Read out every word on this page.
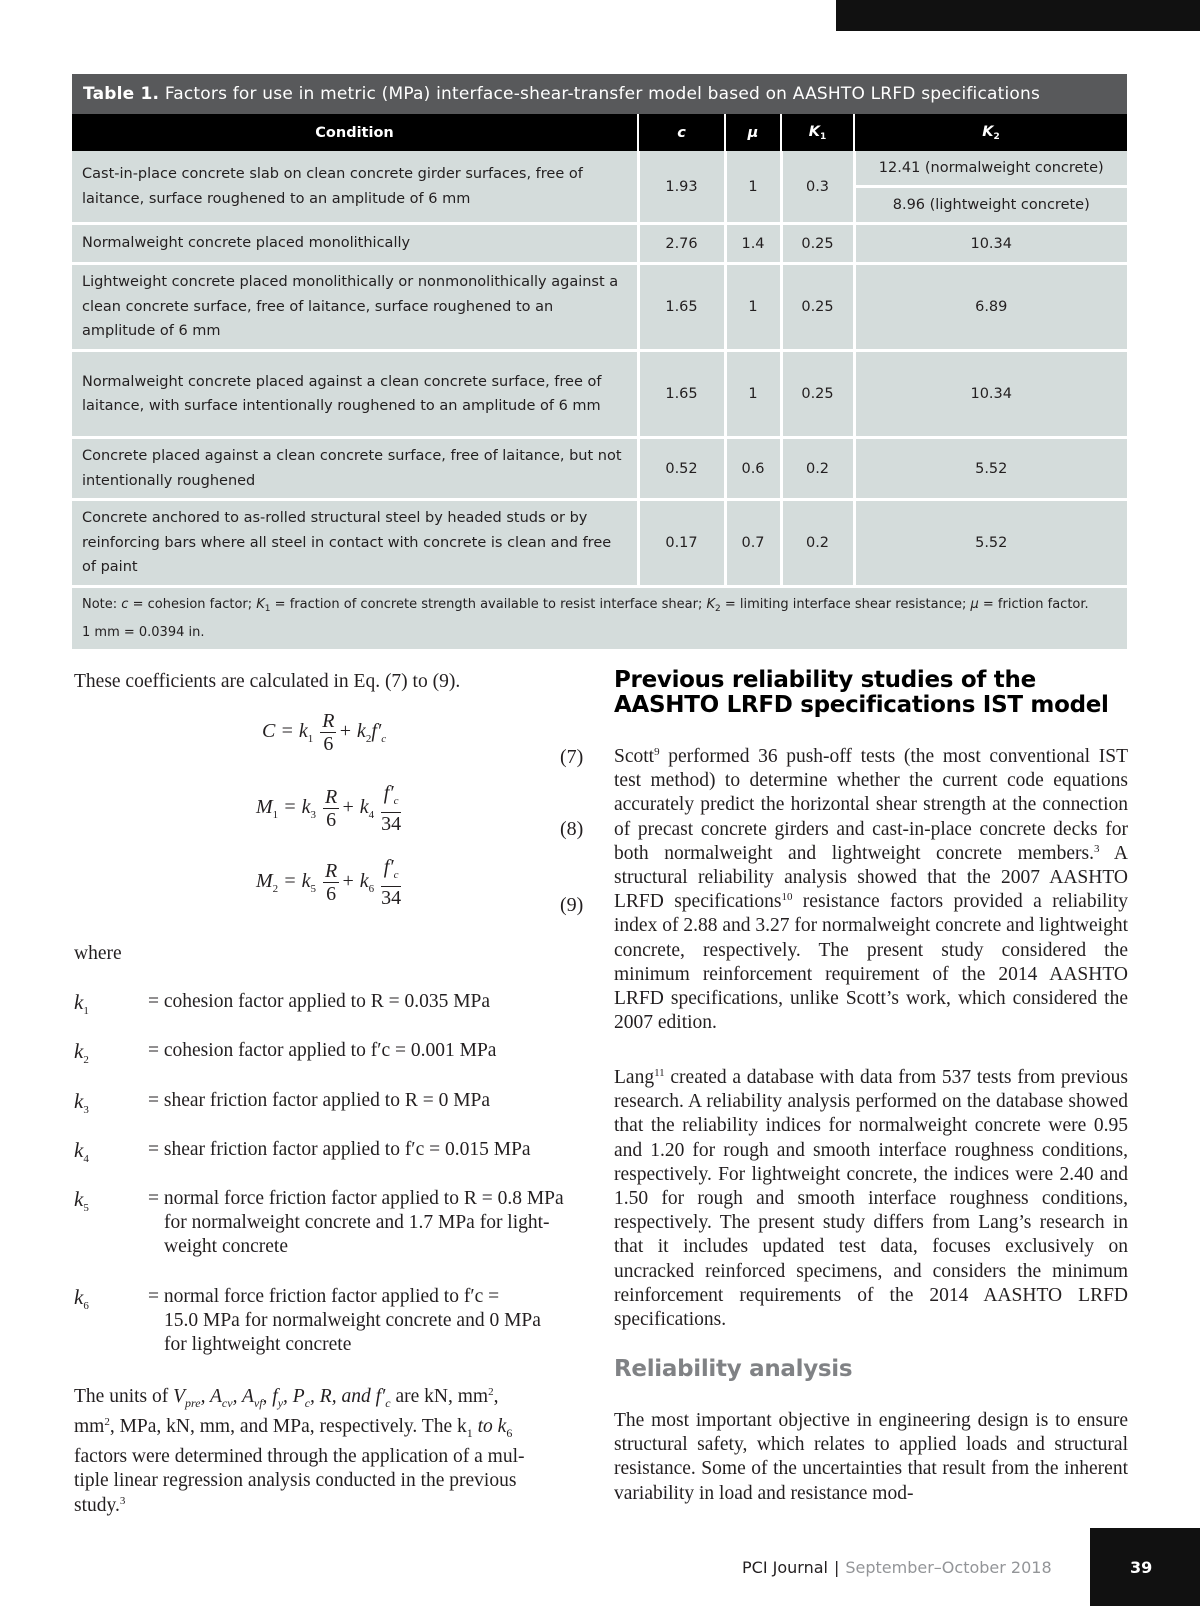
Table 1. Factors for use in metric (MPa) interface-shear-transfer model based on AASHTO LRFD specifications
Condition	c	μ	$K_1$	$K_2$
Cast-in-place concrete slab on clean concrete girder surfaces, free of laitance, surface roughened to an amplitude of 6 mm	1.93	1	0.3	12.41 (normalweight concrete)
				8.96 (lightweight concrete)
Normalweight concrete placed monolithically	2.76	1.4	0.25	10.34
Lightweight concrete placed monolithically or nonmonolithically against a clean concrete surface, free of laitance, surface roughened to an amplitude of 6 mm	1.65	1	0.25	6.89
Normalweight concrete placed against a clean concrete surface, free of laitance, with surface intentionally roughened to an amplitude of 6 mm	1.65	1	0.25	10.34
Concrete placed against a clean concrete surface, free of laitance, but not intentionally roughened	0.52	0.6	0.2	5.52
Concrete anchored to as-rolled structural steel by headed studs or by reinforcing bars where all steel in contact with concrete is clean and free of paint	0.17	0.7	0.2	5.52
Note: c = cohesion factor; $K_1$ = fraction of concrete strength available to resist interface shear; $K_2$ = limiting interface shear resistance; μ = friction factor.
1 mm = 0.0394 in.
These coefficients are calculated in Eq. (7) to (9).
$C = k_1 \frac{R}{6} + k_2f'_c$
(7)
$M_1 = k_3 \frac{R}{6} + k_4 \frac{f'_c}{34}$	(8)
$M_2 = k_5 \frac{R}{6} + k_6 \frac{f'_c}{34}$	(9)
where
$k_1$	= cohesion factor applied to R = 0.035 MPa
$k_2$	= cohesion factor applied to f′c = 0.001 MPa
$k_3$	= shear friction factor applied to R = 0 MPa
$k_4$	= shear friction factor applied to f′c = 0.015 MPa
$k_5$	= normal force friction factor applied to R = 0.8 MPa
for normalweight concrete and 1.7 MPa for light-
weight concrete
$k_6$	= normal force friction factor applied to f′c =
15.0 MPa for normalweight concrete and 0 MPa
for lightweight concrete
The units of $V_{pre}$, $A_{cv}$, $A_{vf}$, $f_y$, $P_c$, R, and $f'_c$ are kN, $mm^2$,
$mm^2$, MPa, kN, mm, and MPa, respectively. The $k_1$ to $k_6$
factors were determined through the application of a mul-
tiple linear regression analysis conducted in the previous
study.$^3$
Previous reliability studies of the
AASHTO LRFD specifications IST model
Scott$^9$ performed 36 push-off tests (the most conventional IST test method) to determine whether the current code equations accurately predict the horizontal shear strength at the connection of precast concrete girders and cast-in-place concrete decks for both normalweight and lightweight concrete members.$^3$ A structural reliability analysis showed that the 2007 AASHTO LRFD specifications$^{10}$ resistance factors provided a reliability index of 2.88 and 3.27 for normalweight concrete and lightweight concrete, respectively. The present study considered the minimum reinforcement requirement of the 2014 AASHTO LRFD specifications, unlike Scott’s work, which considered the 2007 edition.
Lang$^{11}$ created a database with data from 537 tests from previous research. A reliability analysis performed on the database showed that the reliability indices for normalweight concrete were 0.95 and 1.20 for rough and smooth interface roughness conditions, respectively. For lightweight concrete, the indices were 2.40 and 1.50 for rough and smooth interface roughness conditions, respectively. The present study differs from Lang’s research in that it includes updated test data, focuses exclusively on uncracked reinforced specimens, and considers the minimum reinforcement requirements of the 2014 AASHTO LRFD specifications.
Reliability analysis
The most important objective in engineering design is to ensure structural safety, which relates to applied loads and structural resistance. Some of the uncertainties that result from the inherent variability in load and resistance mod-
PCI Journal | September–October 2018	39
